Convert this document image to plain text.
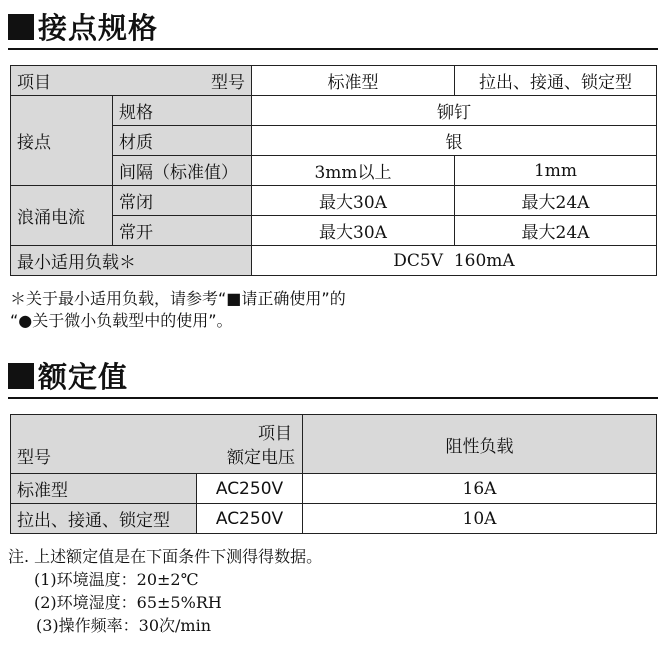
接点规格
项目 型号		标准型	拉出、接通、锁定型
接点	规格	铆钉	
	材质	银	
	间隔（标准值）	3mm以上	1mm
浪涌电流	常闭	最大30A	最大24A
	常开	最大30A	最大24A
最小适用负载＊		DC5V  160mA	
＊关于最小适用负载，请参考“■请正确使用”的
“●关于微小负载型中的使用”。
额定值
项目
型号 额定电压		阻性负载
标准型	AC250V	16A
拉出、接通、锁定型	AC250V	10A
注. 上述额定值是在下面条件下测得得数据。
(1)环境温度：20±2℃
(2)环境湿度：65±5%RH
(3)操作频率：30次/min
